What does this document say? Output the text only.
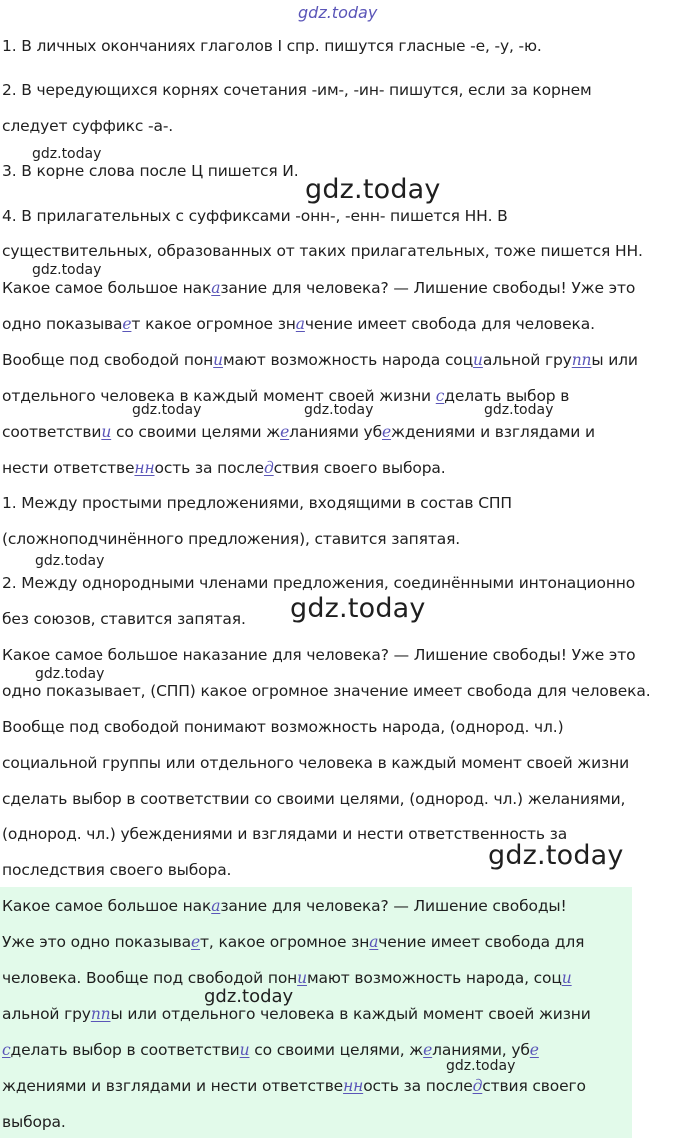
gdz.today
1. В личных окончаниях глаголов I спр. пишутся гласные -е, -у, -ю.
2. В чередующихся корнях сочетания -им-, -ин- пишутся, если за корнем
следует суффикс -а-.
gdz.today
3. В корне слова после Ц пишется И.
gdz.today
4. В прилагательных с суффиксами -онн-, -енн- пишется НН. В
существительных, образованных от таких прилагательных, тоже пишется НН.
gdz.today
Какое самое большое наказание для человека? — Лишение свободы! Уже это
одно показывает какое огромное значение имеет свобода для человека.
Вообще под свободой понимают возможность народа социальной группы или
отдельного человека в каждый момент своей жизни сделать выбор в
gdz.today	gdz.today	gdz.today
соответствии со своими целями желаниями убеждениями и взглядами и
нести ответственность за последствия своего выбора.
1. Между простыми предложениями, входящими в состав СПП
(сложноподчинённого предложения), ставится запятая.
gdz.today
2. Между однородными членами предложения, соединёнными интонационно
gdz.today
без союзов, ставится запятая.
Какое самое большое наказание для человека? — Лишение свободы! Уже это
gdz.today
одно показывает, (СПП) какое огромное значение имеет свобода для человека.
Вообще под свободой понимают возможность народа, (однород. чл.)
социальной группы или отдельного человека в каждый момент своей жизни
сделать выбор в соответствии со своими целями, (однород. чл.) желаниями,
(однород. чл.) убеждениями и взглядами и нести ответственность за
gdz.today
последствия своего выбора.
Какое самое большое наказание для человека? — Лишение свободы!
Уже это одно показывает, какое огромное значение имеет свобода для
человека. Вообще под свободой понимают возможность народа, соци
gdz.today
альной группы или отдельного человека в каждый момент своей жизни
сделать выбор в соответствии со своими целями, желаниями, убе
gdz.today
ждениями и взглядами и нести ответственность за последствия своего
выбора.
